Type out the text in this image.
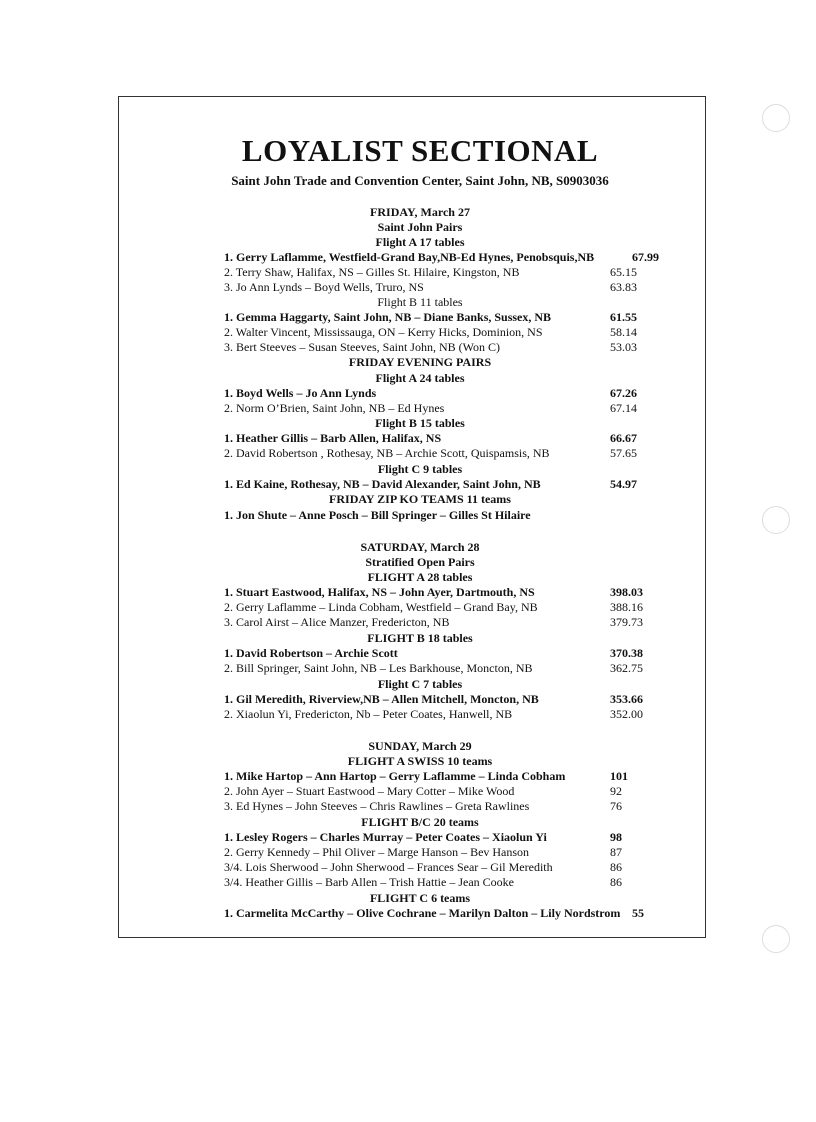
LOYALIST SECTIONAL
Saint John Trade and Convention Center, Saint John, NB, S0903036
FRIDAY, March 27
Saint John Pairs
Flight A 17 tables
1. Gerry Laflamme, Westfield-Grand Bay,NB-Ed Hynes, Penobsquis,NB	67.99
2. Terry Shaw, Halifax, NS – Gilles St. Hilaire, Kingston, NB	65.15
3. Jo Ann Lynds – Boyd Wells, Truro, NS	63.83
Flight B 11 tables
1. Gemma Haggarty, Saint John, NB – Diane Banks, Sussex, NB	61.55
2. Walter Vincent, Mississauga, ON – Kerry Hicks, Dominion, NS	58.14
3. Bert Steeves – Susan Steeves, Saint John, NB (Won C)	53.03
FRIDAY EVENING PAIRS
Flight A 24 tables
1. Boyd Wells – Jo Ann Lynds	67.26
2. Norm O’Brien, Saint John, NB – Ed Hynes	67.14
Flight B 15 tables
1. Heather Gillis – Barb Allen, Halifax, NS	66.67
2. David Robertson , Rothesay, NB – Archie Scott, Quispamsis, NB	57.65
Flight C 9 tables
1. Ed Kaine, Rothesay, NB – David Alexander, Saint John, NB	54.97
FRIDAY ZIP KO TEAMS 11 teams
1. Jon Shute – Anne Posch – Bill Springer – Gilles St Hilaire
SATURDAY, March 28
Stratified Open Pairs
FLIGHT A 28 tables
1. Stuart Eastwood, Halifax, NS – John Ayer, Dartmouth, NS	398.03
2. Gerry Laflamme – Linda Cobham, Westfield – Grand Bay, NB	388.16
3. Carol Airst – Alice Manzer, Fredericton, NB	379.73
FLIGHT B 18 tables
1. David Robertson – Archie Scott	370.38
2. Bill Springer, Saint John, NB – Les Barkhouse, Moncton, NB	362.75
Flight C 7 tables
1. Gil Meredith, Riverview,NB – Allen Mitchell, Moncton, NB	353.66
2. Xiaolun Yi, Fredericton, Nb – Peter Coates, Hanwell, NB	352.00
SUNDAY, March 29
FLIGHT A SWISS 10 teams
1. Mike Hartop – Ann Hartop – Gerry Laflamme – Linda Cobham	101
2. John Ayer – Stuart Eastwood – Mary Cotter – Mike Wood	92
3. Ed Hynes – John Steeves – Chris Rawlines – Greta Rawlines	76
FLIGHT B/C 20 teams
1. Lesley Rogers – Charles Murray – Peter Coates – Xiaolun Yi	98
2. Gerry Kennedy – Phil Oliver – Marge Hanson – Bev Hanson	87
3/4. Lois Sherwood – John Sherwood – Frances Sear – Gil Meredith	86
3/4. Heather Gillis – Barb Allen – Trish Hattie – Jean Cooke	86
FLIGHT C 6 teams
1. Carmelita McCarthy – Olive Cochrane – Marilyn Dalton – Lily Nordstrom 55
